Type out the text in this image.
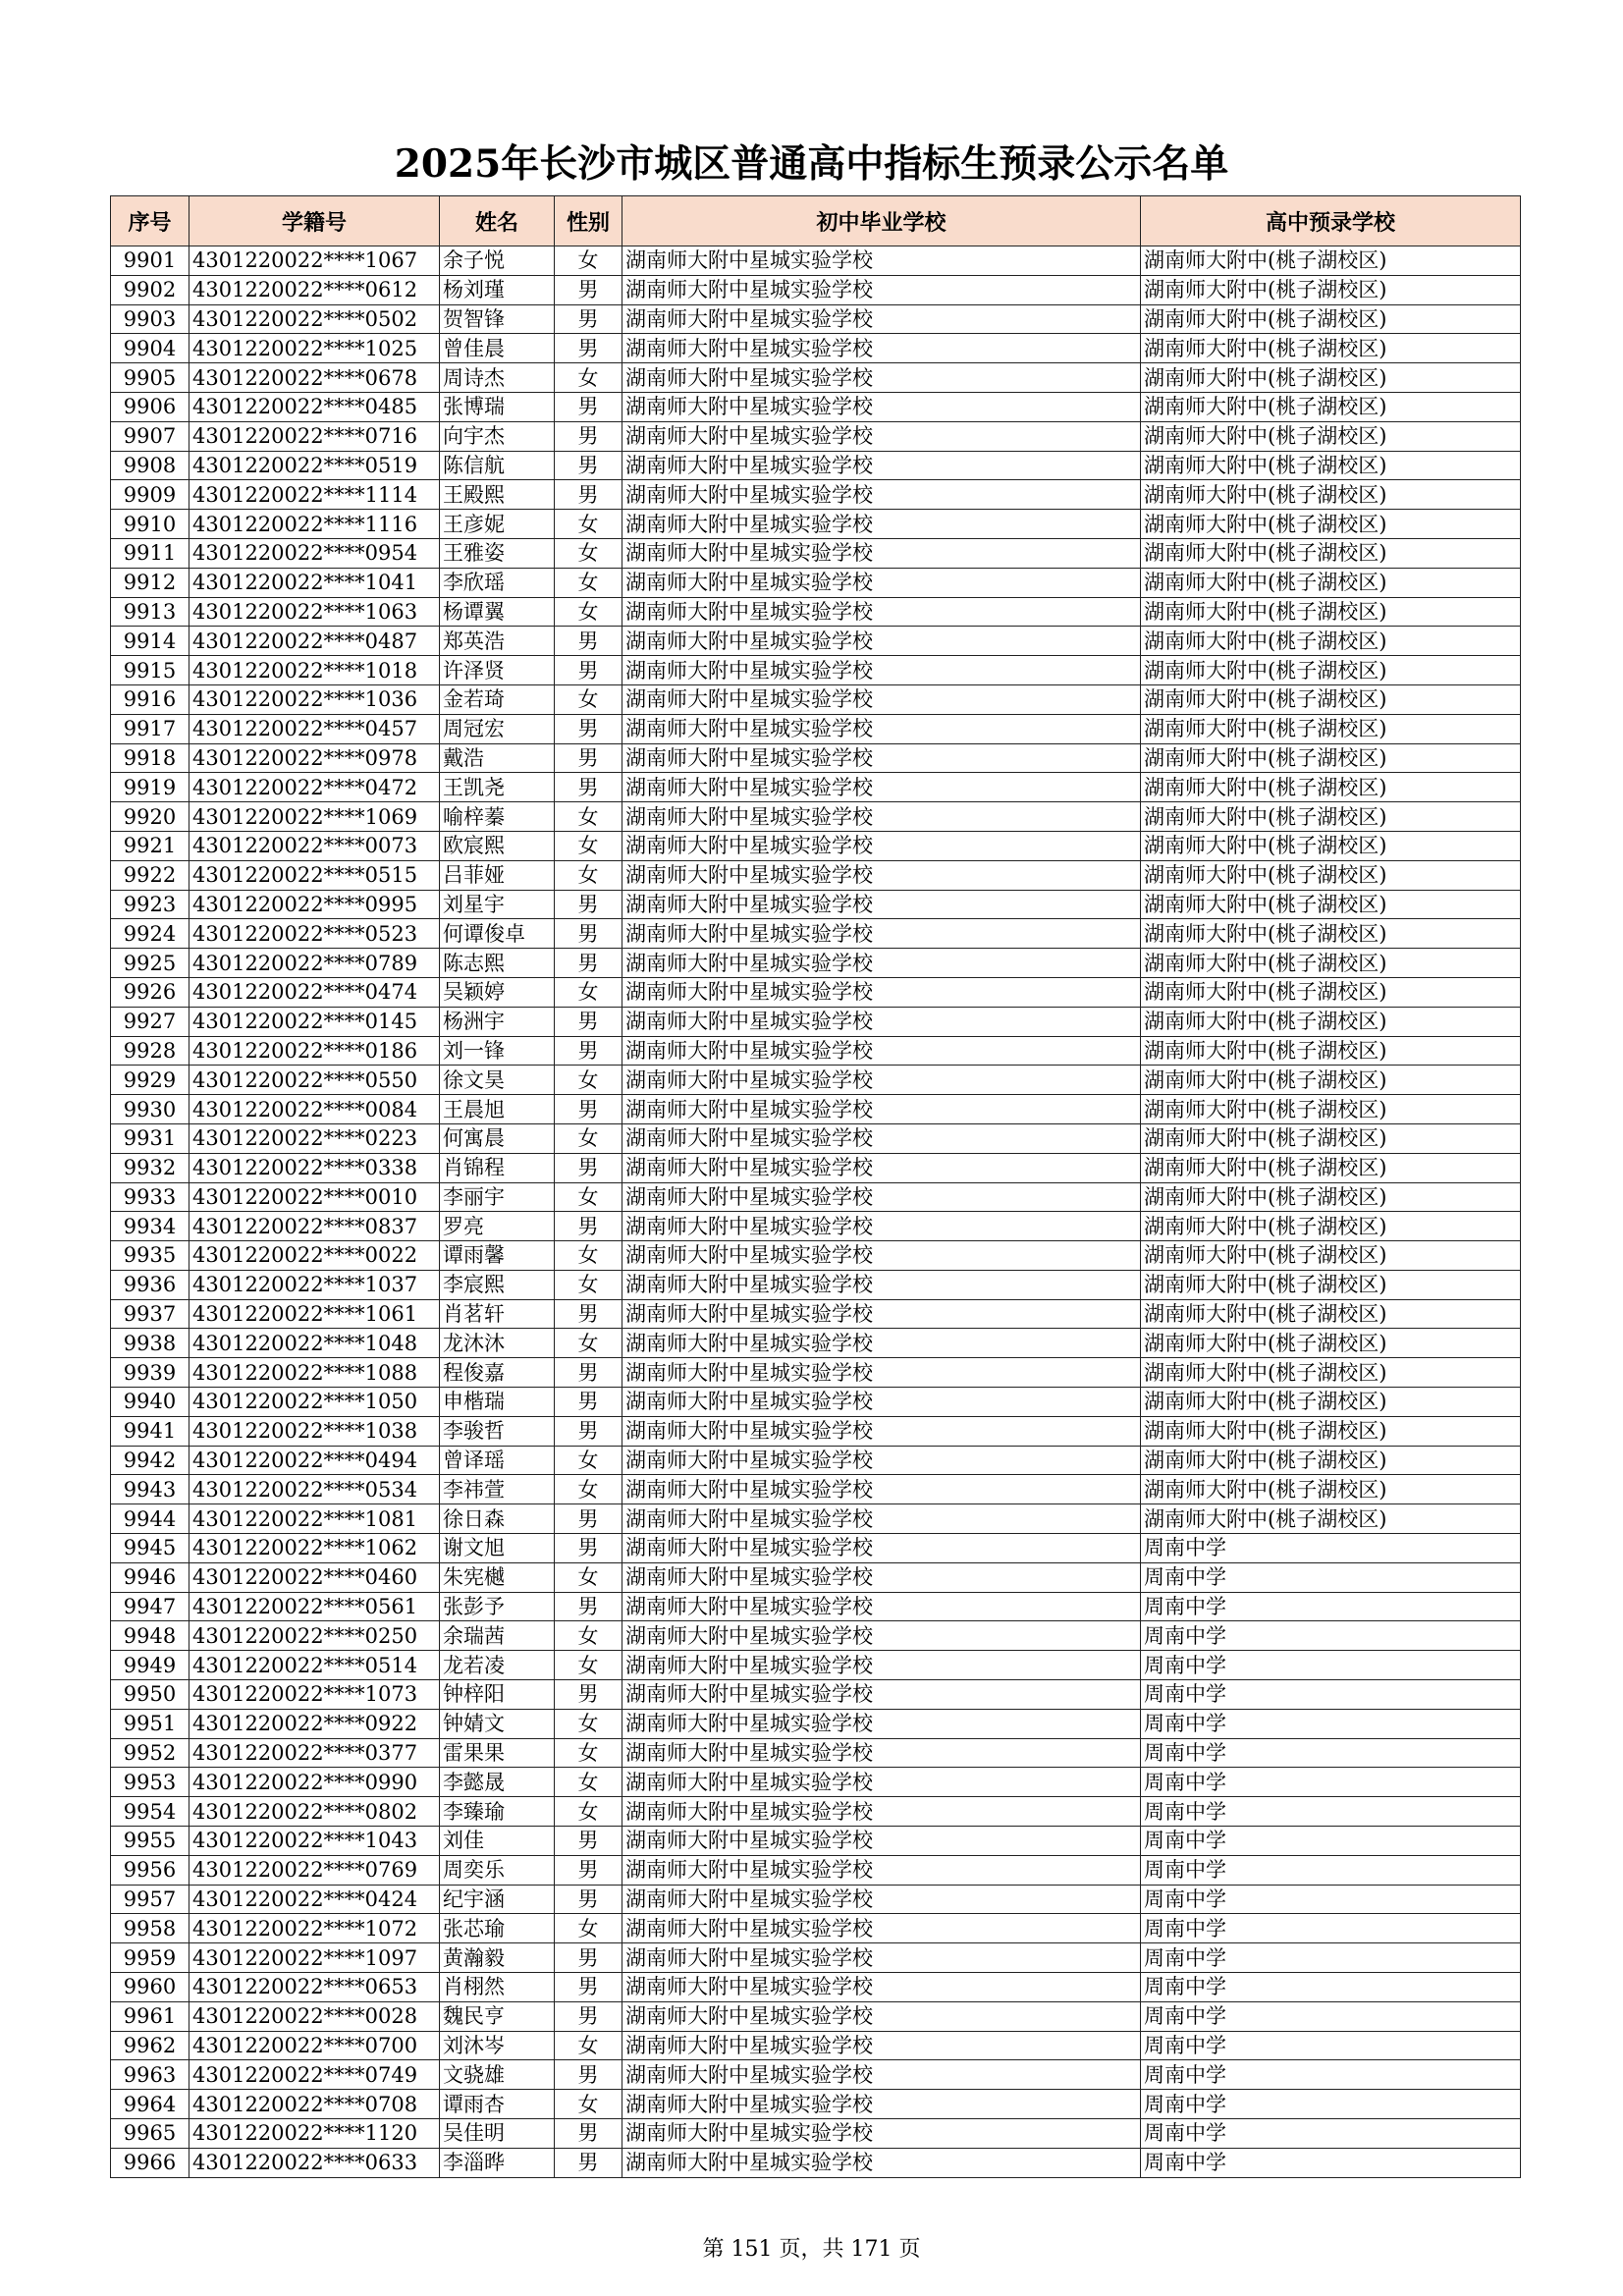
2025年长沙市城区普通高中指标生预录公示名单
序号	学籍号	姓名	性别	初中毕业学校	高中预录学校
9901	4301220022****1067	余子悦	女	湖南师大附中星城实验学校	湖南师大附中(桃子湖校区)
9902	4301220022****0612	杨刘瑾	男	湖南师大附中星城实验学校	湖南师大附中(桃子湖校区)
9903	4301220022****0502	贺智锋	男	湖南师大附中星城实验学校	湖南师大附中(桃子湖校区)
9904	4301220022****1025	曾佳晨	男	湖南师大附中星城实验学校	湖南师大附中(桃子湖校区)
9905	4301220022****0678	周诗杰	女	湖南师大附中星城实验学校	湖南师大附中(桃子湖校区)
9906	4301220022****0485	张博瑞	男	湖南师大附中星城实验学校	湖南师大附中(桃子湖校区)
9907	4301220022****0716	向宇杰	男	湖南师大附中星城实验学校	湖南师大附中(桃子湖校区)
9908	4301220022****0519	陈信航	男	湖南师大附中星城实验学校	湖南师大附中(桃子湖校区)
9909	4301220022****1114	王殿熙	男	湖南师大附中星城实验学校	湖南师大附中(桃子湖校区)
9910	4301220022****1116	王彦妮	女	湖南师大附中星城实验学校	湖南师大附中(桃子湖校区)
9911	4301220022****0954	王雅姿	女	湖南师大附中星城实验学校	湖南师大附中(桃子湖校区)
9912	4301220022****1041	李欣瑶	女	湖南师大附中星城实验学校	湖南师大附中(桃子湖校区)
9913	4301220022****1063	杨谭翼	女	湖南师大附中星城实验学校	湖南师大附中(桃子湖校区)
9914	4301220022****0487	郑英浩	男	湖南师大附中星城实验学校	湖南师大附中(桃子湖校区)
9915	4301220022****1018	许泽贤	男	湖南师大附中星城实验学校	湖南师大附中(桃子湖校区)
9916	4301220022****1036	金若琦	女	湖南师大附中星城实验学校	湖南师大附中(桃子湖校区)
9917	4301220022****0457	周冠宏	男	湖南师大附中星城实验学校	湖南师大附中(桃子湖校区)
9918	4301220022****0978	戴浩	男	湖南师大附中星城实验学校	湖南师大附中(桃子湖校区)
9919	4301220022****0472	王凯尧	男	湖南师大附中星城实验学校	湖南师大附中(桃子湖校区)
9920	4301220022****1069	喻梓蓁	女	湖南师大附中星城实验学校	湖南师大附中(桃子湖校区)
9921	4301220022****0073	欧宸熙	女	湖南师大附中星城实验学校	湖南师大附中(桃子湖校区)
9922	4301220022****0515	吕菲娅	女	湖南师大附中星城实验学校	湖南师大附中(桃子湖校区)
9923	4301220022****0995	刘星宇	男	湖南师大附中星城实验学校	湖南师大附中(桃子湖校区)
9924	4301220022****0523	何谭俊卓	男	湖南师大附中星城实验学校	湖南师大附中(桃子湖校区)
9925	4301220022****0789	陈志熙	男	湖南师大附中星城实验学校	湖南师大附中(桃子湖校区)
9926	4301220022****0474	吴颖婷	女	湖南师大附中星城实验学校	湖南师大附中(桃子湖校区)
9927	4301220022****0145	杨洲宇	男	湖南师大附中星城实验学校	湖南师大附中(桃子湖校区)
9928	4301220022****0186	刘一锋	男	湖南师大附中星城实验学校	湖南师大附中(桃子湖校区)
9929	4301220022****0550	徐文昊	女	湖南师大附中星城实验学校	湖南师大附中(桃子湖校区)
9930	4301220022****0084	王晨旭	男	湖南师大附中星城实验学校	湖南师大附中(桃子湖校区)
9931	4301220022****0223	何寓晨	女	湖南师大附中星城实验学校	湖南师大附中(桃子湖校区)
9932	4301220022****0338	肖锦程	男	湖南师大附中星城实验学校	湖南师大附中(桃子湖校区)
9933	4301220022****0010	李丽宇	女	湖南师大附中星城实验学校	湖南师大附中(桃子湖校区)
9934	4301220022****0837	罗亮	男	湖南师大附中星城实验学校	湖南师大附中(桃子湖校区)
9935	4301220022****0022	谭雨馨	女	湖南师大附中星城实验学校	湖南师大附中(桃子湖校区)
9936	4301220022****1037	李宸熙	女	湖南师大附中星城实验学校	湖南师大附中(桃子湖校区)
9937	4301220022****1061	肖茗轩	男	湖南师大附中星城实验学校	湖南师大附中(桃子湖校区)
9938	4301220022****1048	龙沐沐	女	湖南师大附中星城实验学校	湖南师大附中(桃子湖校区)
9939	4301220022****1088	程俊嘉	男	湖南师大附中星城实验学校	湖南师大附中(桃子湖校区)
9940	4301220022****1050	申楷瑞	男	湖南师大附中星城实验学校	湖南师大附中(桃子湖校区)
9941	4301220022****1038	李骏哲	男	湖南师大附中星城实验学校	湖南师大附中(桃子湖校区)
9942	4301220022****0494	曾译瑶	女	湖南师大附中星城实验学校	湖南师大附中(桃子湖校区)
9943	4301220022****0534	李祎萱	女	湖南师大附中星城实验学校	湖南师大附中(桃子湖校区)
9944	4301220022****1081	徐日森	男	湖南师大附中星城实验学校	湖南师大附中(桃子湖校区)
9945	4301220022****1062	谢文旭	男	湖南师大附中星城实验学校	周南中学
9946	4301220022****0460	朱宪樾	女	湖南师大附中星城实验学校	周南中学
9947	4301220022****0561	张彭予	男	湖南师大附中星城实验学校	周南中学
9948	4301220022****0250	余瑞茜	女	湖南师大附中星城实验学校	周南中学
9949	4301220022****0514	龙若凌	女	湖南师大附中星城实验学校	周南中学
9950	4301220022****1073	钟梓阳	男	湖南师大附中星城实验学校	周南中学
9951	4301220022****0922	钟婧文	女	湖南师大附中星城实验学校	周南中学
9952	4301220022****0377	雷果果	女	湖南师大附中星城实验学校	周南中学
9953	4301220022****0990	李懿晟	女	湖南师大附中星城实验学校	周南中学
9954	4301220022****0802	李臻瑜	女	湖南师大附中星城实验学校	周南中学
9955	4301220022****1043	刘佳	男	湖南师大附中星城实验学校	周南中学
9956	4301220022****0769	周奕乐	男	湖南师大附中星城实验学校	周南中学
9957	4301220022****0424	纪宇涵	男	湖南师大附中星城实验学校	周南中学
9958	4301220022****1072	张芯瑜	女	湖南师大附中星城实验学校	周南中学
9959	4301220022****1097	黄瀚毅	男	湖南师大附中星城实验学校	周南中学
9960	4301220022****0653	肖栩然	男	湖南师大附中星城实验学校	周南中学
9961	4301220022****0028	魏民亨	男	湖南师大附中星城实验学校	周南中学
9962	4301220022****0700	刘沐岑	女	湖南师大附中星城实验学校	周南中学
9963	4301220022****0749	文骁雄	男	湖南师大附中星城实验学校	周南中学
9964	4301220022****0708	谭雨杏	女	湖南师大附中星城实验学校	周南中学
9965	4301220022****1120	吴佳明	男	湖南师大附中星城实验学校	周南中学
9966	4301220022****0633	李淄晔	男	湖南师大附中星城实验学校	周南中学
第 151 页，共 171 页
